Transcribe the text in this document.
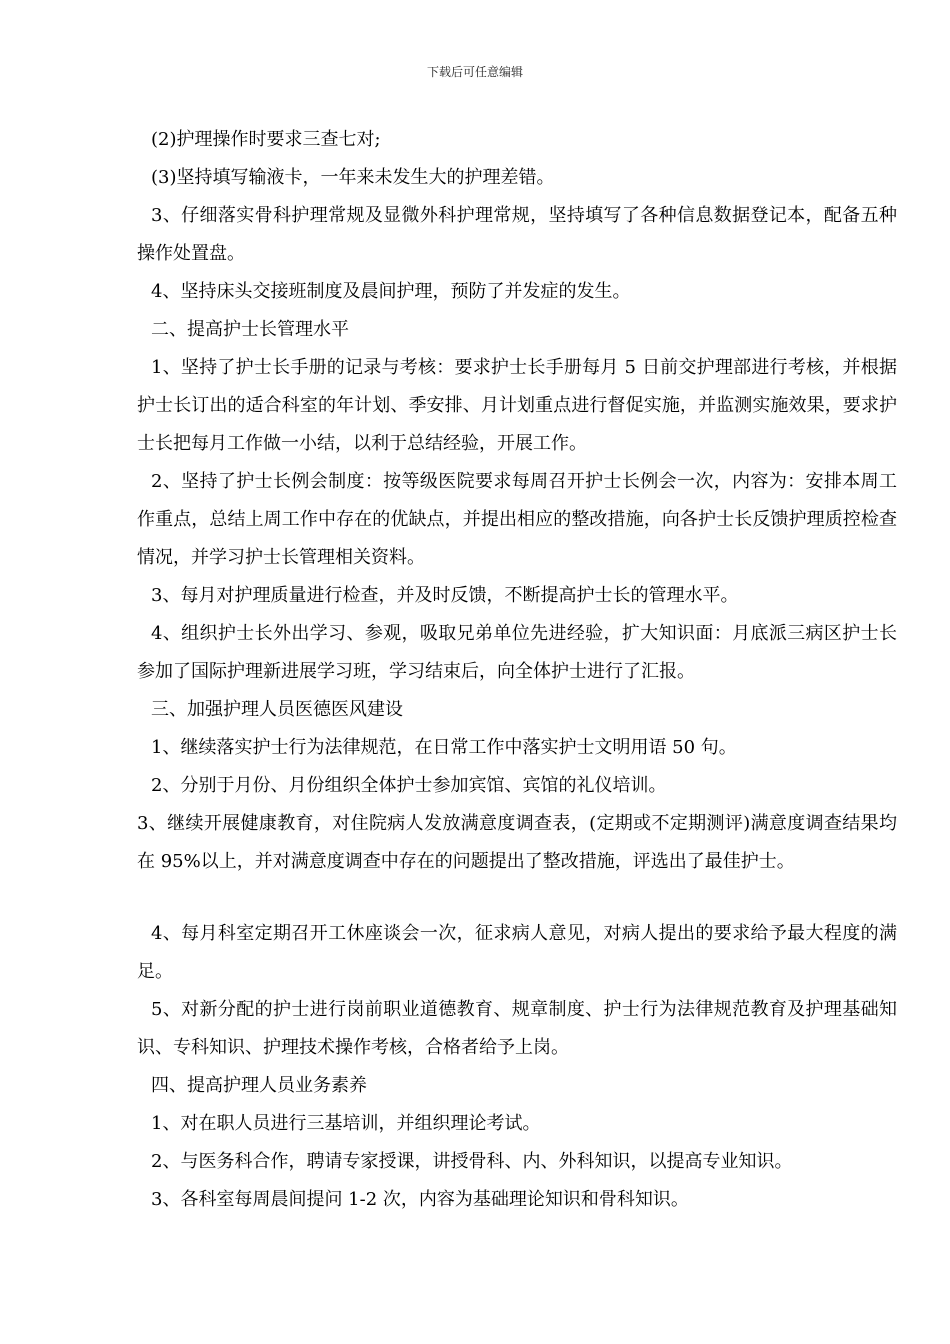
下载后可任意编辑

(2)护理操作时要求三查七对;

(3)坚持填写输液卡，一年来未发生大的护理差错。

3、仔细落实骨科护理常规及显微外科护理常规，坚持填写了各种信息数据登记本，配备五种操作处置盘。

4、坚持床头交接班制度及晨间护理，预防了并发症的发生。

二、提高护士长管理水平

1、坚持了护士长手册的记录与考核：要求护士长手册每月 5 日前交护理部进行考核，并根据护士长订出的适合科室的年计划、季安排、月计划重点进行督促实施，并监测实施效果，要求护士长把每月工作做一小结，以利于总结经验，开展工作。

2、坚持了护士长例会制度：按等级医院要求每周召开护士长例会一次，内容为：安排本周工作重点，总结上周工作中存在的优缺点，并提出相应的整改措施，向各护士长反馈护理质控检查情况，并学习护士长管理相关资料。

3、每月对护理质量进行检查，并及时反馈，不断提高护士长的管理水平。

4、组织护士长外出学习、参观，吸取兄弟单位先进经验，扩大知识面：月底派三病区护士长参加了国际护理新进展学习班，学习结束后，向全体护士进行了汇报。

三、加强护理人员医德医风建设

1、继续落实护士行为法律规范，在日常工作中落实护士文明用语 50 句。

2、分别于月份、月份组织全体护士参加宾馆、宾馆的礼仪培训。

3、继续开展健康教育，对住院病人发放满意度调查表，(定期或不定期测评)满意度调查结果均在 95%以上，并对满意度调查中存在的问题提出了整改措施，评选出了最佳护士。

4、每月科室定期召开工休座谈会一次，征求病人意见，对病人提出的要求给予最大程度的满足。

5、对新分配的护士进行岗前职业道德教育、规章制度、护士行为法律规范教育及护理基础知识、专科知识、护理技术操作考核，合格者给予上岗。

四、提高护理人员业务素养

1、对在职人员进行三基培训，并组织理论考试。

2、与医务科合作，聘请专家授课，讲授骨科、内、外科知识，以提高专业知识。

3、各科室每周晨间提问 1-2 次，内容为基础理论知识和骨科知识。
